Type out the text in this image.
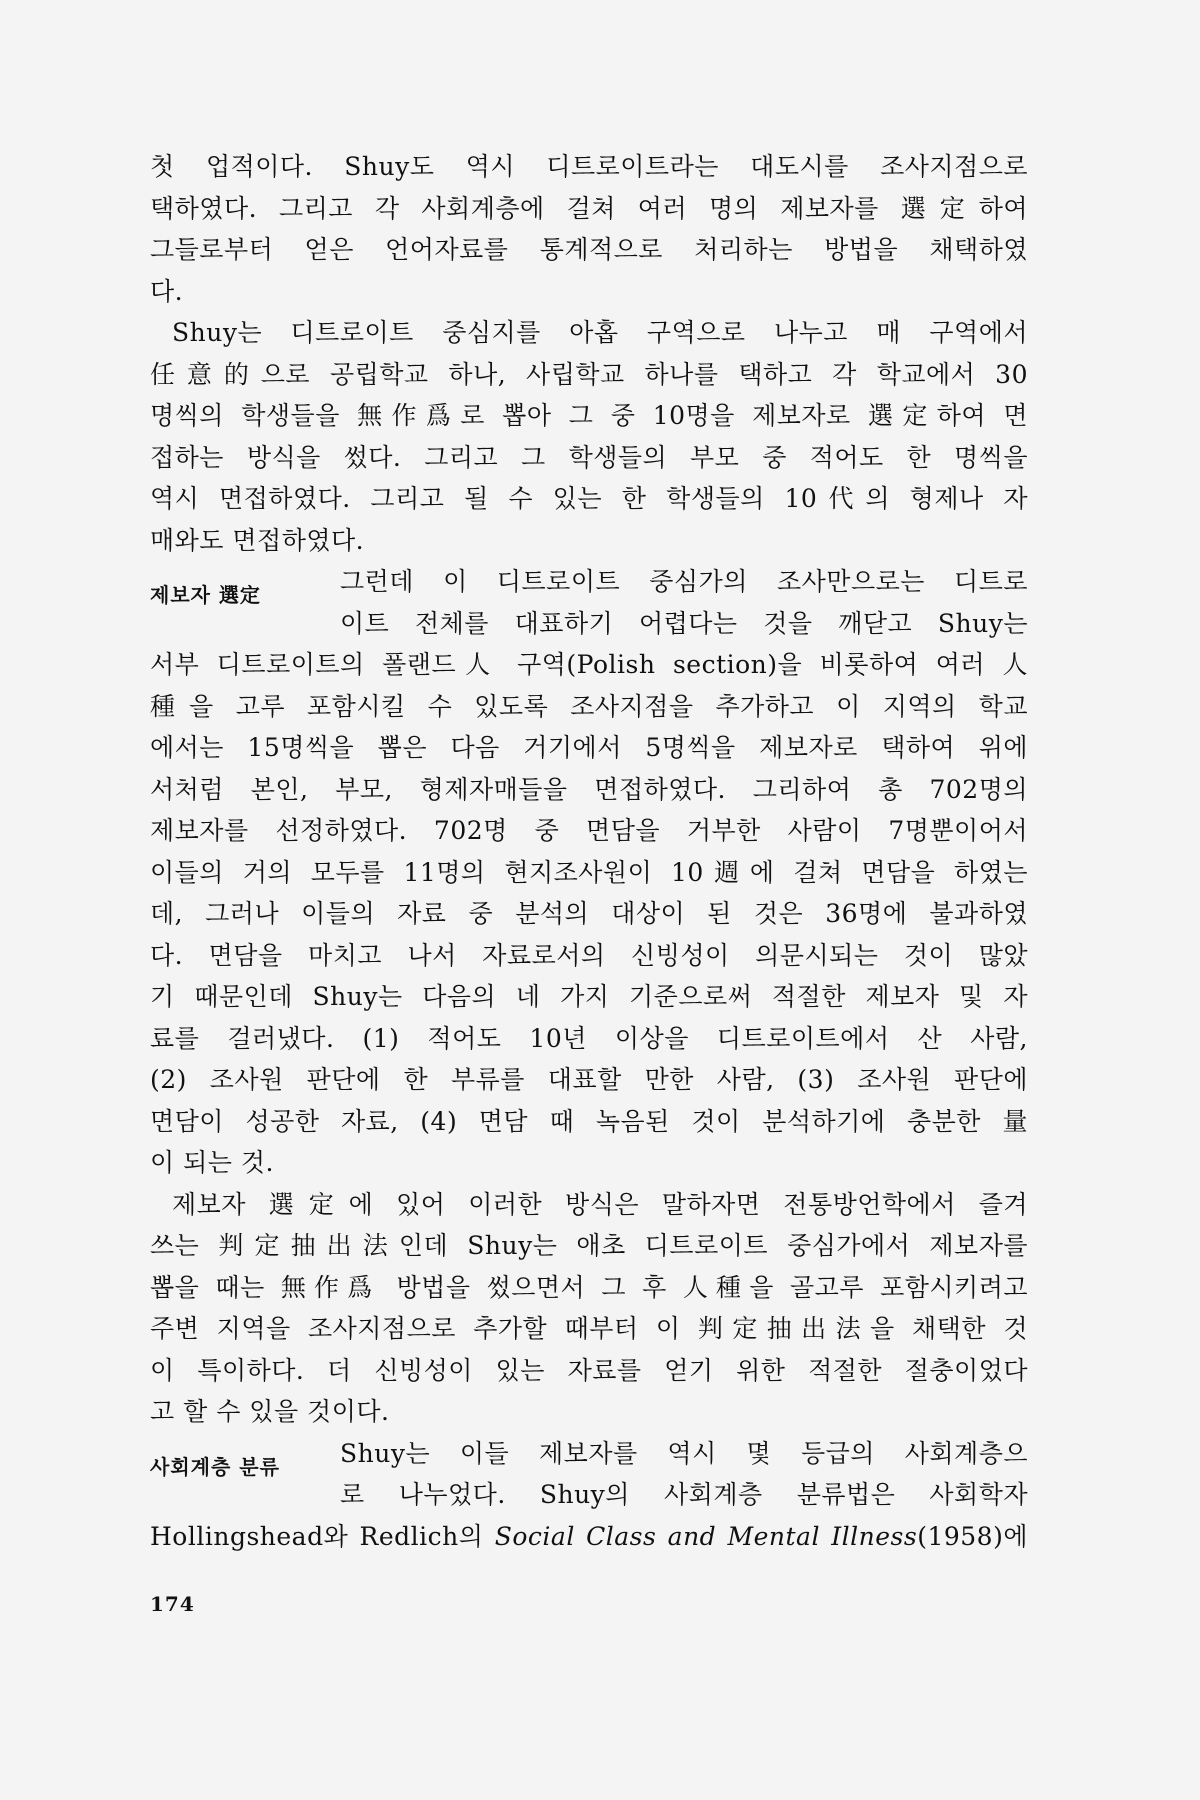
첫 업적이다. Shuy도 역시 디트로이트라는 대도시를 조사지점으로
택하였다. 그리고 각 사회계층에 걸쳐 여러 명의 제보자를 選定하여
그들로부터 얻은 언어자료를 통계적으로 처리하는 방법을 채택하였
다.
Shuy는 디트로이트 중심지를 아홉 구역으로 나누고 매 구역에서
任意的으로 공립학교 하나, 사립학교 하나를 택하고 각 학교에서 30
명씩의 학생들을 無作爲로 뽑아 그 중 10명을 제보자로 選定하여 면
접하는 방식을 썼다. 그리고 그 학생들의 부모 중 적어도 한 명씩을
역시 면접하였다. 그리고 될 수 있는 한 학생들의 10代의 형제나 자
매와도 면접하였다.
제보자 選定	그런데 이 디트로이트 중심가의 조사만으로는 디트로
이트 전체를 대표하기 어렵다는 것을 깨닫고 Shuy는
서부 디트로이트의 폴랜드人 구역(Polish section)을 비롯하여 여러 人
種을 고루 포함시킬 수 있도록 조사지점을 추가하고 이 지역의 학교
에서는 15명씩을 뽑은 다음 거기에서 5명씩을 제보자로 택하여 위에
서처럼 본인, 부모, 형제자매들을 면접하였다. 그리하여 총 702명의
제보자를 선정하였다. 702명 중 면담을 거부한 사람이 7명뿐이어서
이들의 거의 모두를 11명의 현지조사원이 10週에 걸쳐 면담을 하였는
데, 그러나 이들의 자료 중 분석의 대상이 된 것은 36명에 불과하였
다. 면담을 마치고 나서 자료로서의 신빙성이 의문시되는 것이 많았
기 때문인데 Shuy는 다음의 네 가지 기준으로써 적절한 제보자 및 자
료를 걸러냈다. (1) 적어도 10년 이상을 디트로이트에서 산 사람,
(2) 조사원 판단에 한 부류를 대표할 만한 사람, (3) 조사원 판단에
면담이 성공한 자료, (4) 면담 때 녹음된 것이 분석하기에 충분한 量
이 되는 것.
제보자 選定에 있어 이러한 방식은 말하자면 전통방언학에서 즐겨
쓰는 判定抽出法인데 Shuy는 애초 디트로이트 중심가에서 제보자를
뽑을 때는 無作爲 방법을 썼으면서 그 후 人種을 골고루 포함시키려고
주변 지역을 조사지점으로 추가할 때부터 이 判定抽出法을 채택한 것
이 특이하다. 더 신빙성이 있는 자료를 얻기 위한 적절한 절충이었다
고 할 수 있을 것이다.
사회계층 분류 Shuy는 이들 제보자를 역시 몇 등급의 사회계층으
로 나누었다. Shuy의 사회계층 분류법은 사회학자
Hollingshead와 Redlich의 Social Class and Mental Illness(1958)에
174
